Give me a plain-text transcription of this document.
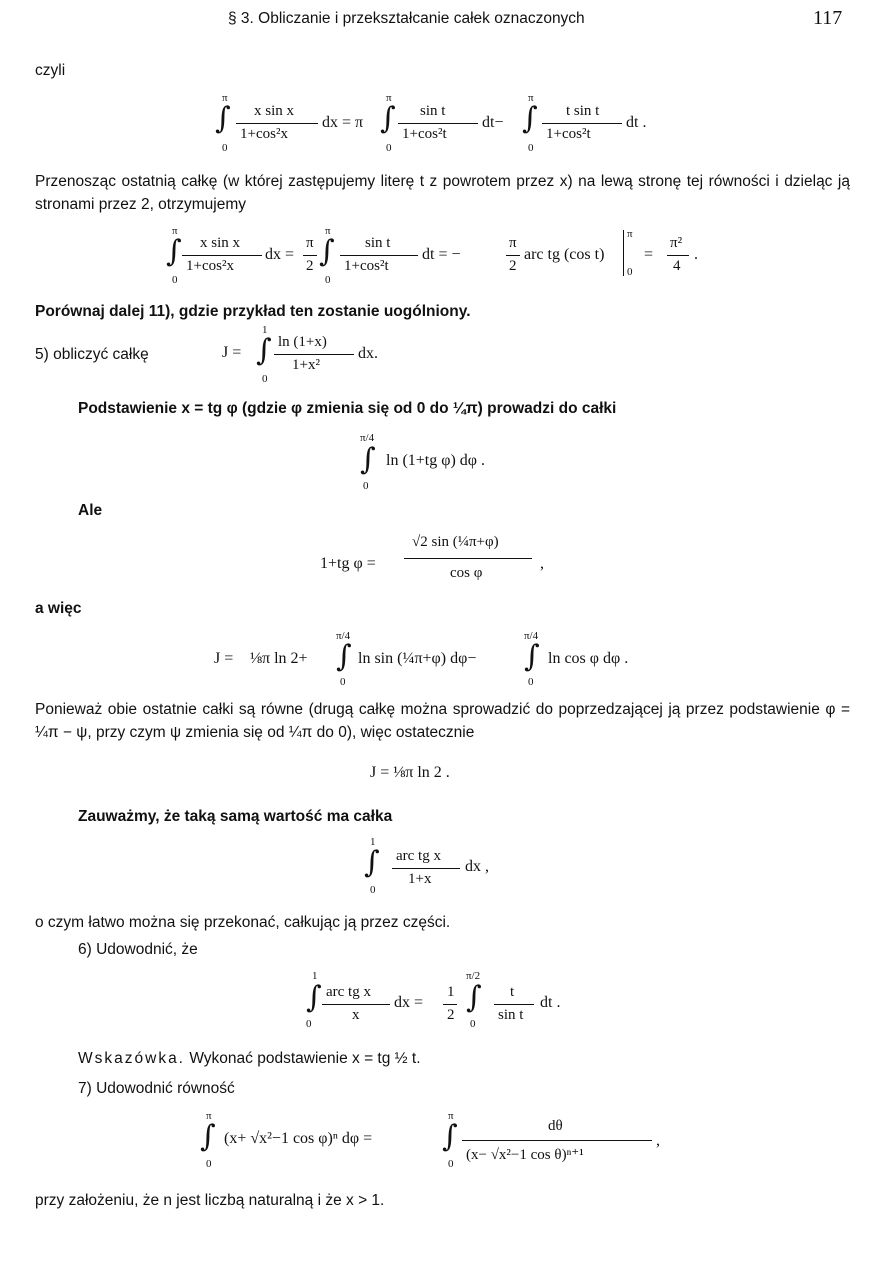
§ 3. Obliczanie i przekształcanie całek oznaczonych	117
czyli
π
∫
0
x sin x
1+cos²x
dx = π
π
∫
0
sin t
1+cos²t
dt−
π
∫
0
t sin t
1+cos²t
dt .
Przenosząc ostatnią całkę (w której zastępujemy literę t z powrotem przez x) na lewą stronę tej równości i dzieląc ją stronami przez 2, otrzymujemy
π
∫
0
x sin x
1+cos²x
dx =
π
2
π
∫
0
sin t
1+cos²t
dt = −
π
2
arc tg (cos t)
π
0
=
π²
4
.
Porównaj dalej 11), gdzie przykład ten zostanie uogólniony.
5) obliczyć całkę	J =
1
∫
0
ln (1+x)
1+x²
dx.
Podstawienie x = tg φ (gdzie φ zmienia się od 0 do ¼π) prowadzi do całki
π/4
∫
0
ln (1+tg φ) dφ .
Ale
1+tg φ =
√2 sin (¼π+φ)
cos φ
,
a więc
J = ⅛π ln 2+
π/4
∫
0
ln sin (¼π+φ) dφ−
π/4
∫
0
ln cos φ dφ .
Ponieważ obie ostatnie całki są równe (drugą całkę można sprowadzić do poprzedzającej ją przez podstawienie φ = ¼π − ψ, przy czym ψ zmienia się od ¼π do 0), więc ostatecznie
J = ⅛π ln 2 .
Zauważmy, że taką samą wartość ma całka
1
∫
0
arc tg x
1+x
dx ,
o czym łatwo można się przekonać, całkując ją przez części.
6) Udowodnić, że
1
∫
0
arc tg x
x
dx =
1
2
π/2
∫
0
t
sin t
dt .
Wskazówka. Wykonać podstawienie x = tg ½ t.
7) Udowodnić równość
π
∫
0
(x+ √x²−1 cos φ)ⁿ dφ =
π
∫
0
dθ
(x− √x²−1 cos θ)ⁿ⁺¹
,
przy założeniu, że n jest liczbą naturalną i że x > 1.
